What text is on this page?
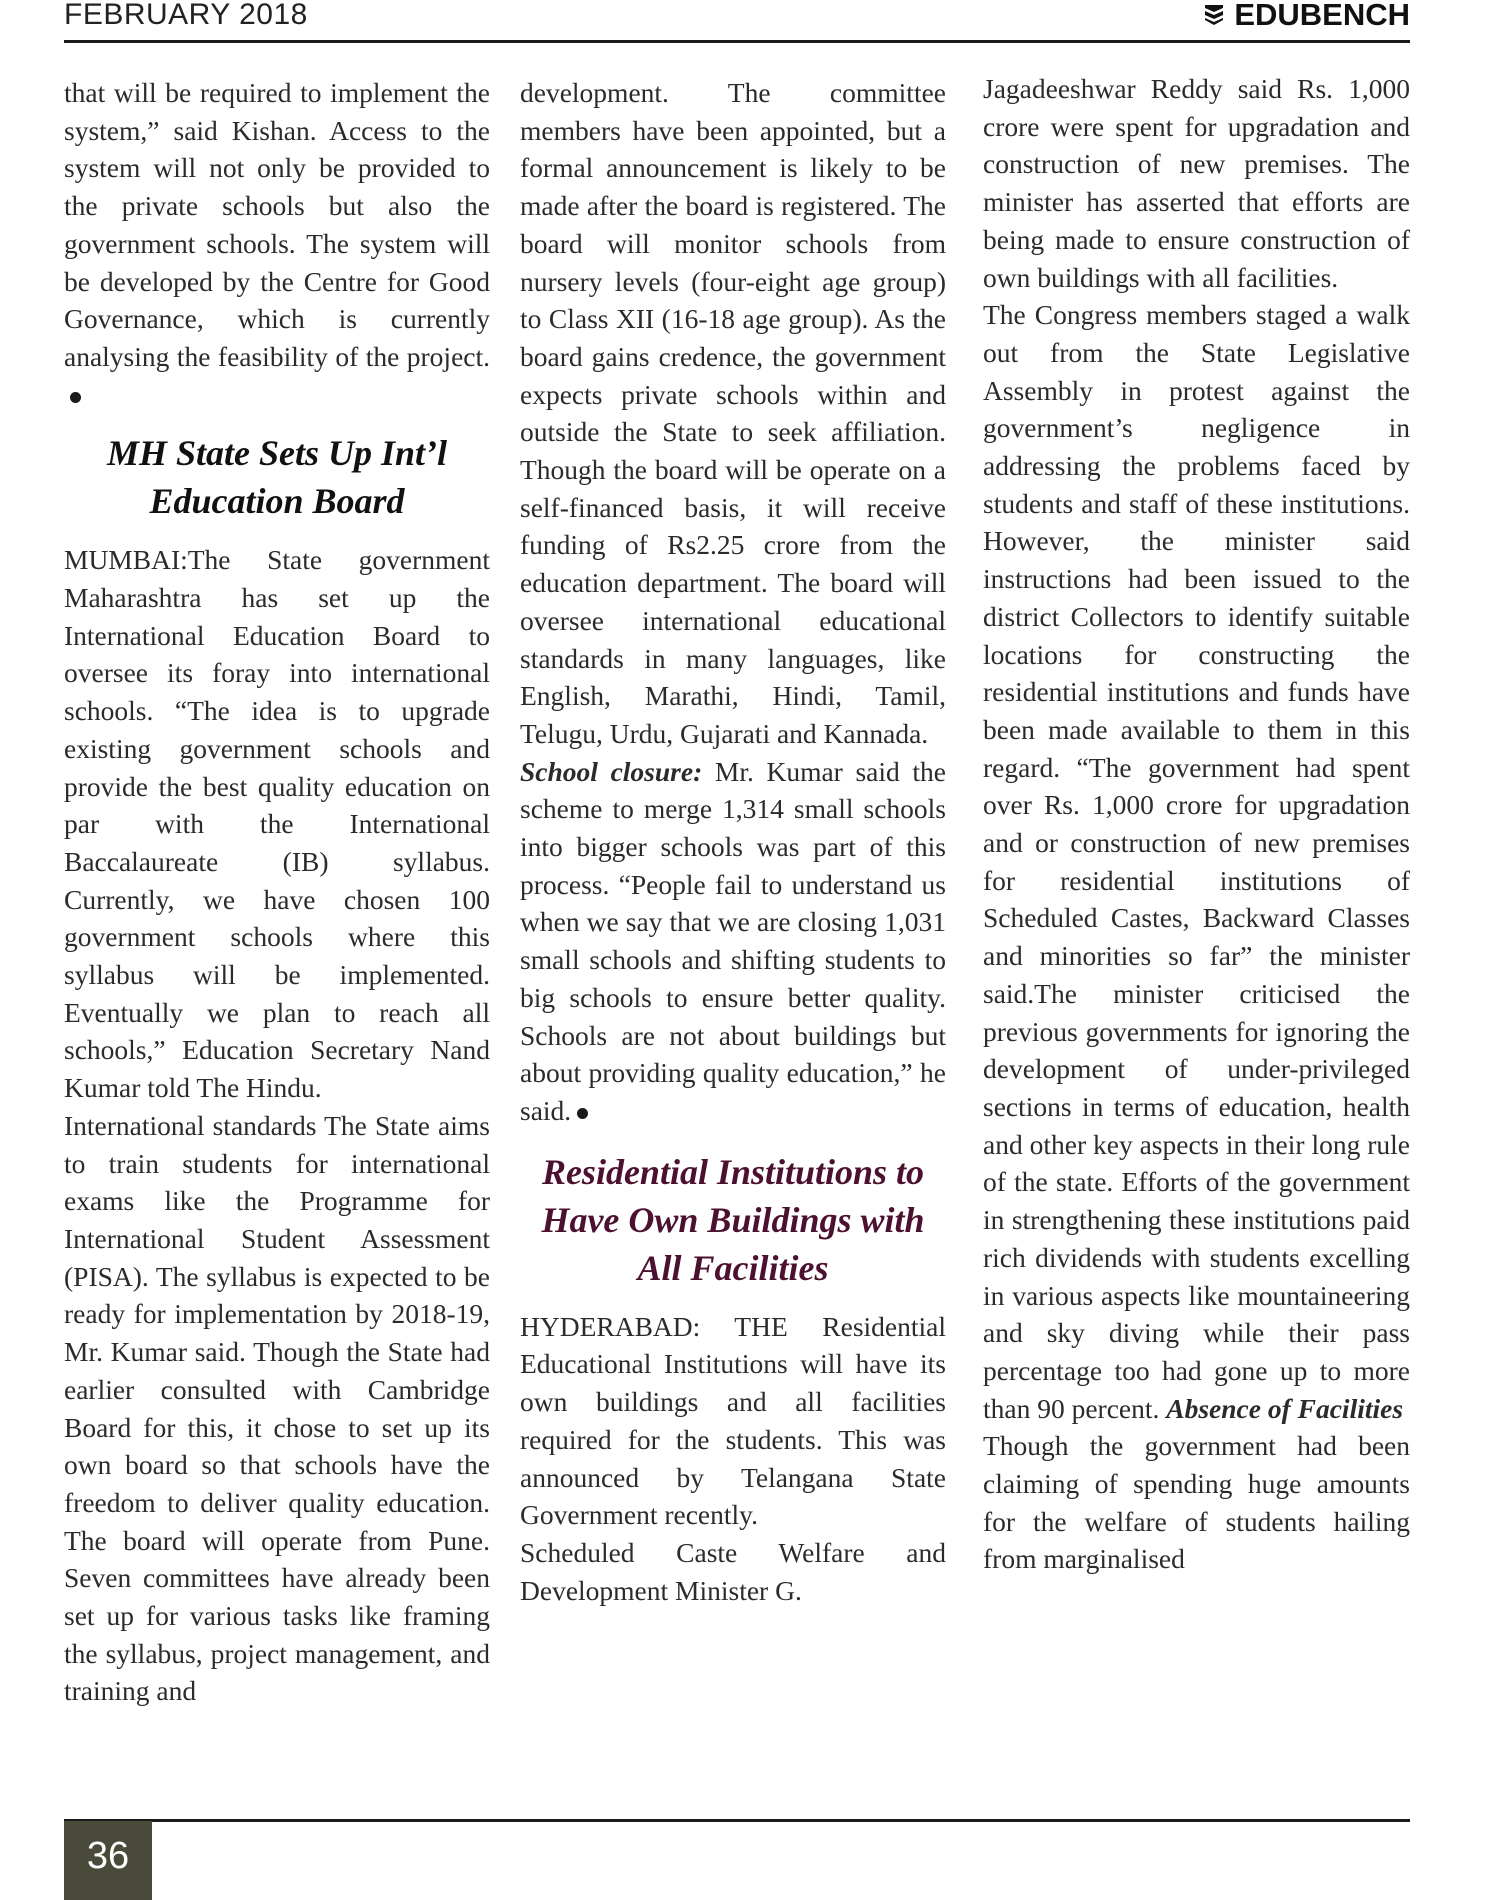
FEBRUARY 2018	EDUBENCH

that will be required to implement the system,” said Kishan. Access to the system will not only be provided to the private schools but also the government schools. The system will be developed by the Centre for Good Governance, which is currently analysing the feasibility of the project.

MH State Sets Up Int’l Education Board

MUMBAI:The State government Maharashtra has set up the International Education Board to oversee its foray into international schools. “The idea is to upgrade existing government schools and provide the best quality education on par with the International Baccalaureate (IB) syllabus. Currently, we have chosen 100 government schools where this syllabus will be implemented. Eventually we plan to reach all schools,” Education Secretary Nand Kumar told The Hindu.

International standards The State aims to train students for international exams like the Programme for International Student Assessment (PISA). The syllabus is expected to be ready for implementation by 2018-19, Mr. Kumar said. Though the State had earlier consulted with Cambridge Board for this, it chose to set up its own board so that schools have the freedom to deliver quality education. The board will operate from Pune. Seven committees have already been set up for various tasks like framing the syllabus, project management, and training and

development. The committee members have been appointed, but a formal announcement is likely to be made after the board is registered. The board will monitor schools from nursery levels (four-eight age group) to Class XII (16-18 age group). As the board gains credence, the government expects private schools within and outside the State to seek affiliation. Though the board will be operate on a self-financed basis, it will receive funding of Rs2.25 crore from the education department. The board will oversee international educational standards in many languages, like English, Marathi, Hindi, Tamil, Telugu, Urdu, Gujarati and Kannada.

School closure: Mr. Kumar said the scheme to merge 1,314 small schools into bigger schools was part of this process. “People fail to understand us when we say that we are closing 1,031 small schools and shifting students to big schools to ensure better quality. Schools are not about buildings but about providing quality education,” he said.

Residential Institutions to Have Own Buildings with All Facilities

HYDERABAD: THE Residential Educational Institutions will have its own buildings and all facilities required for the students. This was announced by Telangana State Government recently.

Scheduled Caste Welfare and Development Minister G.

Jagadeeshwar Reddy said Rs. 1,000 crore were spent for upgradation and construction of new premises. The minister has asserted that efforts are being made to ensure construction of own buildings with all facilities.

The Congress members staged a walk out from the State Legislative Assembly in protest against the government’s negligence in addressing the problems faced by students and staff of these institutions. However, the minister said instructions had been issued to the district Collectors to identify suitable locations for constructing the residential institutions and funds have been made available to them in this regard. “The government had spent over Rs. 1,000 crore for upgradation and or construction of new premises for residential institutions of Scheduled Castes, Backward Classes and minorities so far” the minister said.The minister criticised the previous governments for ignoring the development of under-privileged sections in terms of education, health and other key aspects in their long rule of the state. Efforts of the government in strengthening these institutions paid rich dividends with students excelling in various aspects like mountaineering and sky diving while their pass percentage too had gone up to more than 90 percent. Absence of Facilities

Though the government had been claiming of spending huge amounts for the welfare of students hailing from marginalised

36
